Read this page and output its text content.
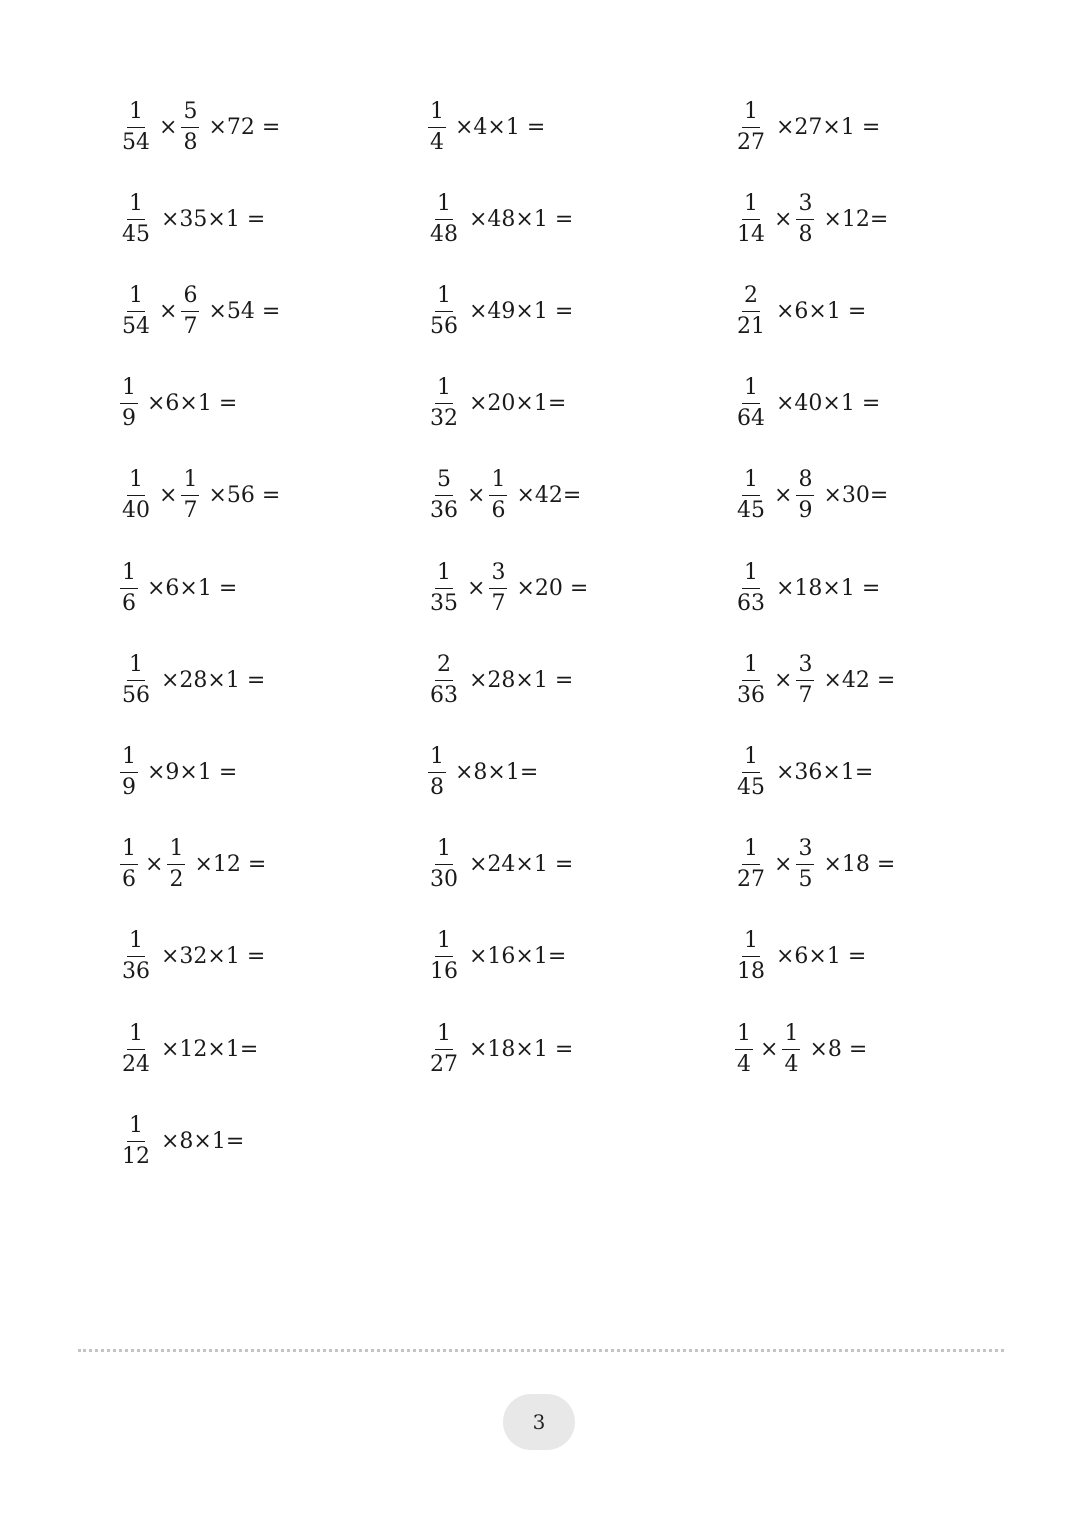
$\frac{1}{54} \times \frac{5}{8} \times 72$ =	$\frac{1}{4} \times 4\times 1$ =	$\frac{1}{27} \times 27\times 1$ =
$\frac{1}{45} \times 35\times 1$ =	$\frac{1}{48} \times 48\times 1$ =	$\frac{1}{14} \times \frac{3}{8} \times 12=$
$\frac{1}{54} \times \frac{6}{7} \times 54$ =	$\frac{1}{56} \times 49\times 1$ =	$\frac{2}{21} \times 6\times 1$ =
$\frac{1}{9} \times 6\times 1$ =	$\frac{1}{32} \times 20\times 1=$	$\frac{1}{64} \times 40\times 1$ =
$\frac{1}{40} \times \frac{1}{7} \times 56$ =	$\frac{5}{36} \times \frac{1}{6} \times 42=$	$\frac{1}{45} \times \frac{8}{9} \times 30=$
$\frac{1}{6} \times 6\times 1$ =	$\frac{1}{35} \times \frac{3}{7} \times 20$ =	$\frac{1}{63} \times 18\times 1$ =
$\frac{1}{56} \times 28\times 1$ =	$\frac{2}{63} \times 28\times 1$ =	$\frac{1}{36} \times \frac{3}{7} \times 42$ =
$\frac{1}{9} \times 9\times 1$ =	$\frac{1}{8} \times 8\times 1=$	$\frac{1}{45} \times 36\times 1=$
$\frac{1}{6} \times \frac{1}{2} \times 12$ =	$\frac{1}{30} \times 24\times 1$ =	$\frac{1}{27} \times \frac{3}{5} \times 18$ =
$\frac{1}{36} \times 32\times 1$ =	$\frac{1}{16} \times 16\times 1=$	$\frac{1}{18} \times 6\times 1$ =
$\frac{1}{24} \times 12\times 1=$	$\frac{1}{27} \times 18\times 1$ =	$\frac{1}{4} \times \frac{1}{4} \times 8$ =
$\frac{1}{12} \times 8\times 1=$
3
